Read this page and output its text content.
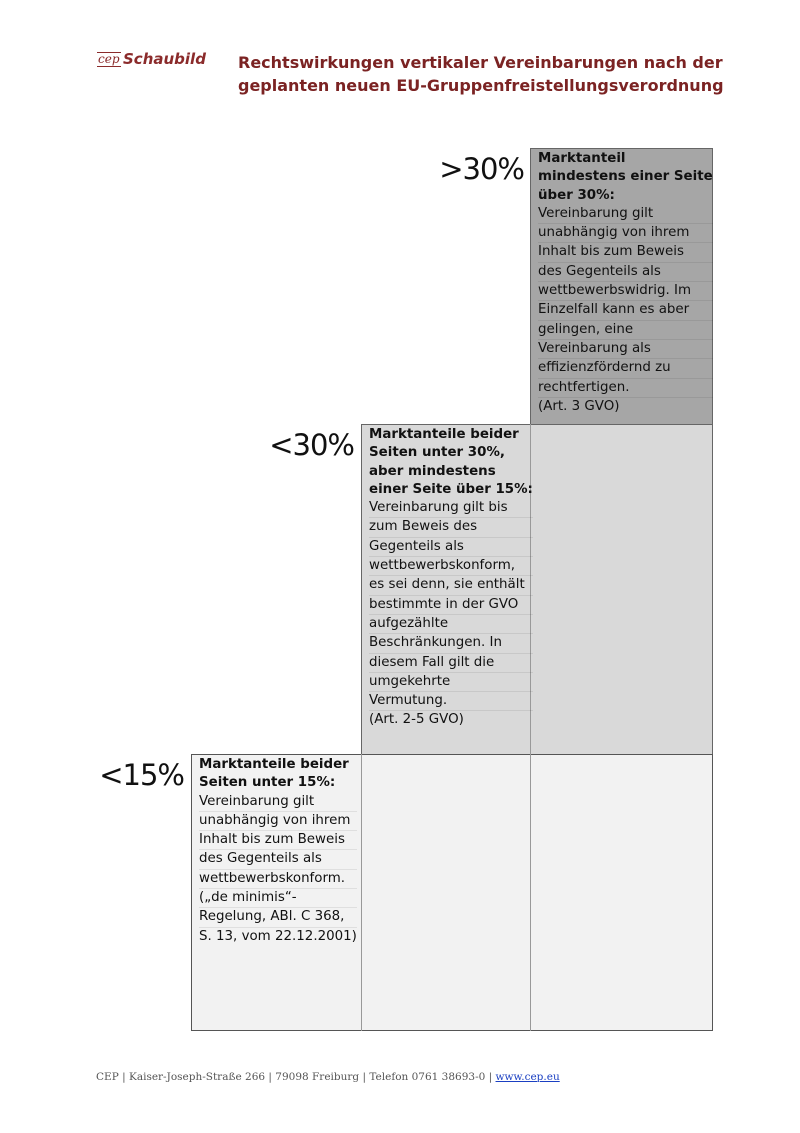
cep Schaubild Rechtswirkungen vertikaler Vereinbarungen nach der
geplanten neuen EU-Gruppenfreistellungsverordnung
>30%
<30%
<15%
Marktanteil
mindestens einer Seite
über 30%:
Vereinbarung gilt
unabhängig von ihrem
Inhalt bis zum Beweis
des Gegenteils als
wettbewerbswidrig. Im
Einzelfall kann es aber
gelingen, eine
Vereinbarung als
effizienzfördernd zu
rechtfertigen.
(Art. 3 GVO)
Marktanteile beider
Seiten unter 30%,
aber mindestens
einer Seite über 15%:
Vereinbarung gilt bis
zum Beweis des
Gegenteils als
wettbewerbskonform,
es sei denn, sie enthält
bestimmte in der GVO
aufgezählte
Beschränkungen. In
diesem Fall gilt die
umgekehrte
Vermutung.
(Art. 2-5 GVO)
Marktanteile beider
Seiten unter 15%:
Vereinbarung gilt
unabhängig von ihrem
Inhalt bis zum Beweis
des Gegenteils als
wettbewerbskonform.
(„de minimis“-
Regelung, ABl. C 368,
S. 13, vom 22.12.2001)
CEP | Kaiser-Joseph-Straße 266 | 79098 Freiburg | Telefon 0761 38693-0 | www.cep.eu
